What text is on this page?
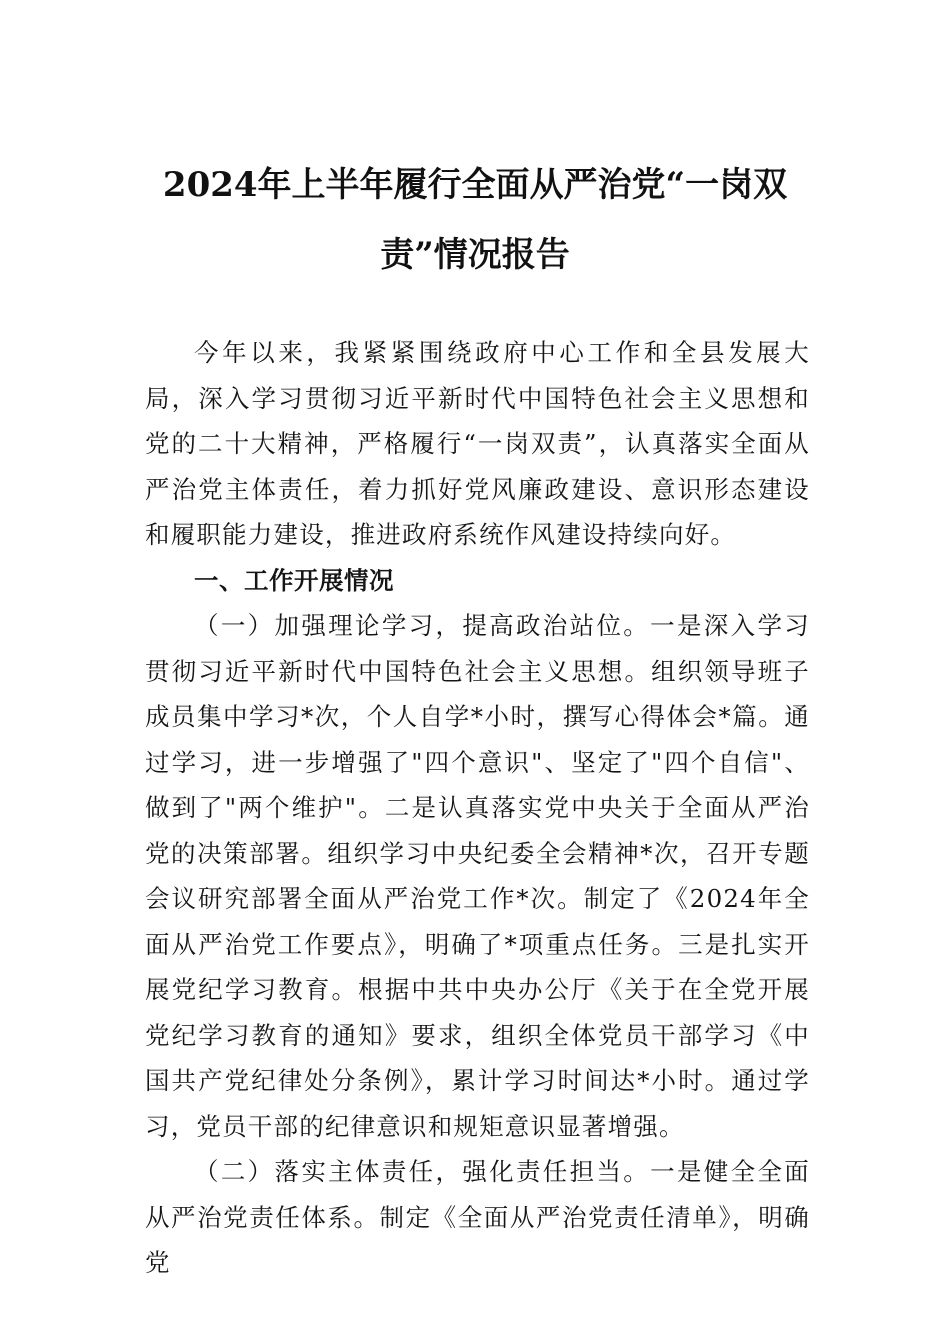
2024年上半年履行全面从严治党“一岗双
责”情况报告

今年以来，我紧紧围绕政府中心工作和全县发展大局，深入学习贯彻习近平新时代中国特色社会主义思想和党的二十大精神，严格履行“一岗双责”，认真落实全面从严治党主体责任，着力抓好党风廉政建设、意识形态建设和履职能力建设，推进政府系统作风建设持续向好。

一、工作开展情况

（一）加强理论学习，提高政治站位。一是深入学习贯彻习近平新时代中国特色社会主义思想。组织领导班子成员集中学习*次，个人自学*小时，撰写心得体会*篇。通过学习，进一步增强了"四个意识"、坚定了"四个自信"、做到了"两个维护"。二是认真落实党中央关于全面从严治党的决策部署。组织学习中央纪委全会精神*次，召开专题会议研究部署全面从严治党工作*次。制定了《2024年全面从严治党工作要点》，明确了*项重点任务。三是扎实开展党纪学习教育。根据中共中央办公厅《关于在全党开展党纪学习教育的通知》要求，组织全体党员干部学习《中国共产党纪律处分条例》，累计学习时间达*小时。通过学习，党员干部的纪律意识和规矩意识显著增强。

（二）落实主体责任，强化责任担当。一是健全全面从严治党责任体系。制定《全面从严治党责任清单》，明确党
